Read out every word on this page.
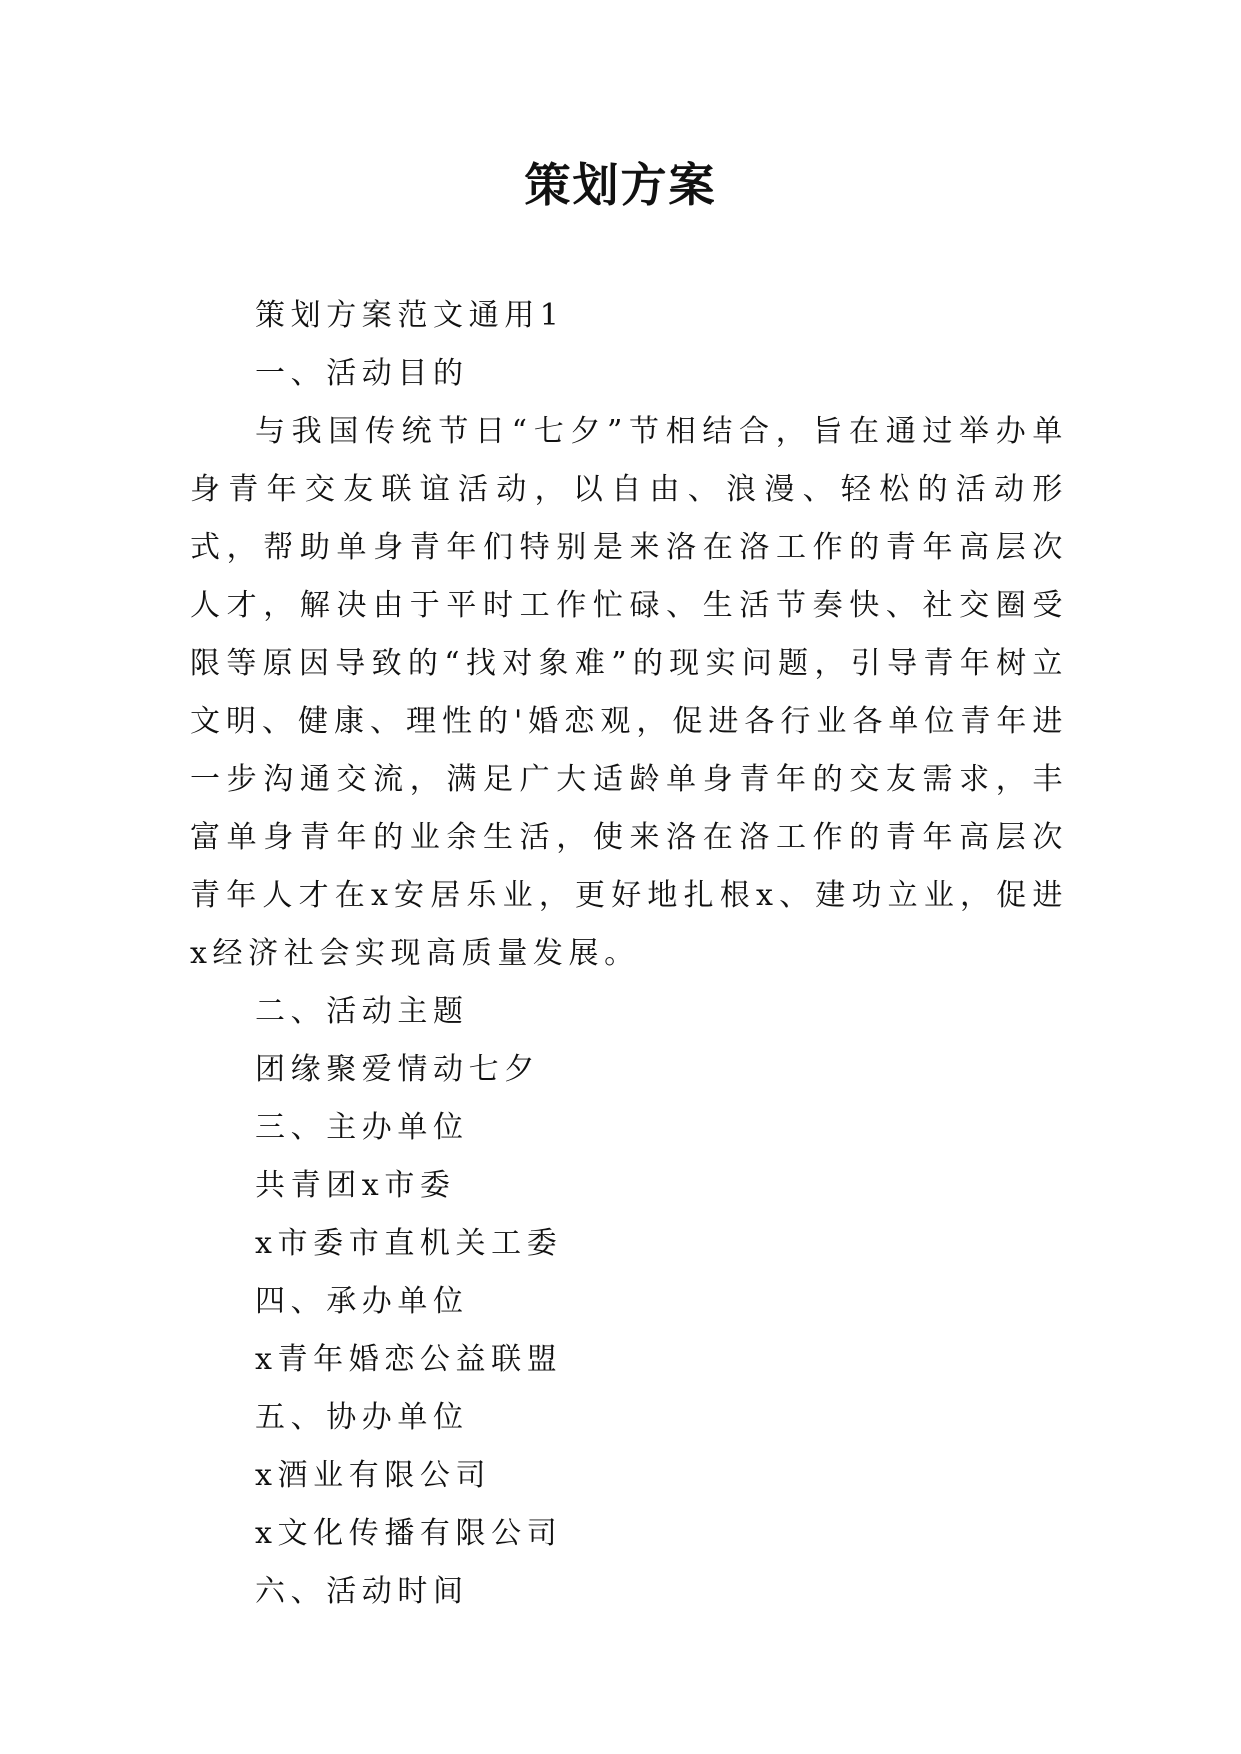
策划方案

策划方案范文通用1

一、活动目的

与我国传统节日“七夕”节相结合，旨在通过举办单身青年交友联谊活动，以自由、浪漫、轻松的活动形式，帮助单身青年们特别是来洛在洛工作的青年高层次人才，解决由于平时工作忙碌、生活节奏快、社交圈受限等原因导致的“找对象难”的现实问题，引导青年树立文明、健康、理性的'婚恋观，促进各行业各单位青年进一步沟通交流，满足广大适龄单身青年的交友需求，丰富单身青年的业余生活，使来洛在洛工作的青年高层次青年人才在x安居乐业，更好地扎根x、建功立业，促进x经济社会实现高质量发展。

二、活动主题

团缘聚爱情动七夕

三、主办单位

共青团x市委

x市委市直机关工委

四、承办单位

x青年婚恋公益联盟

五、协办单位

x酒业有限公司

x文化传播有限公司

六、活动时间
